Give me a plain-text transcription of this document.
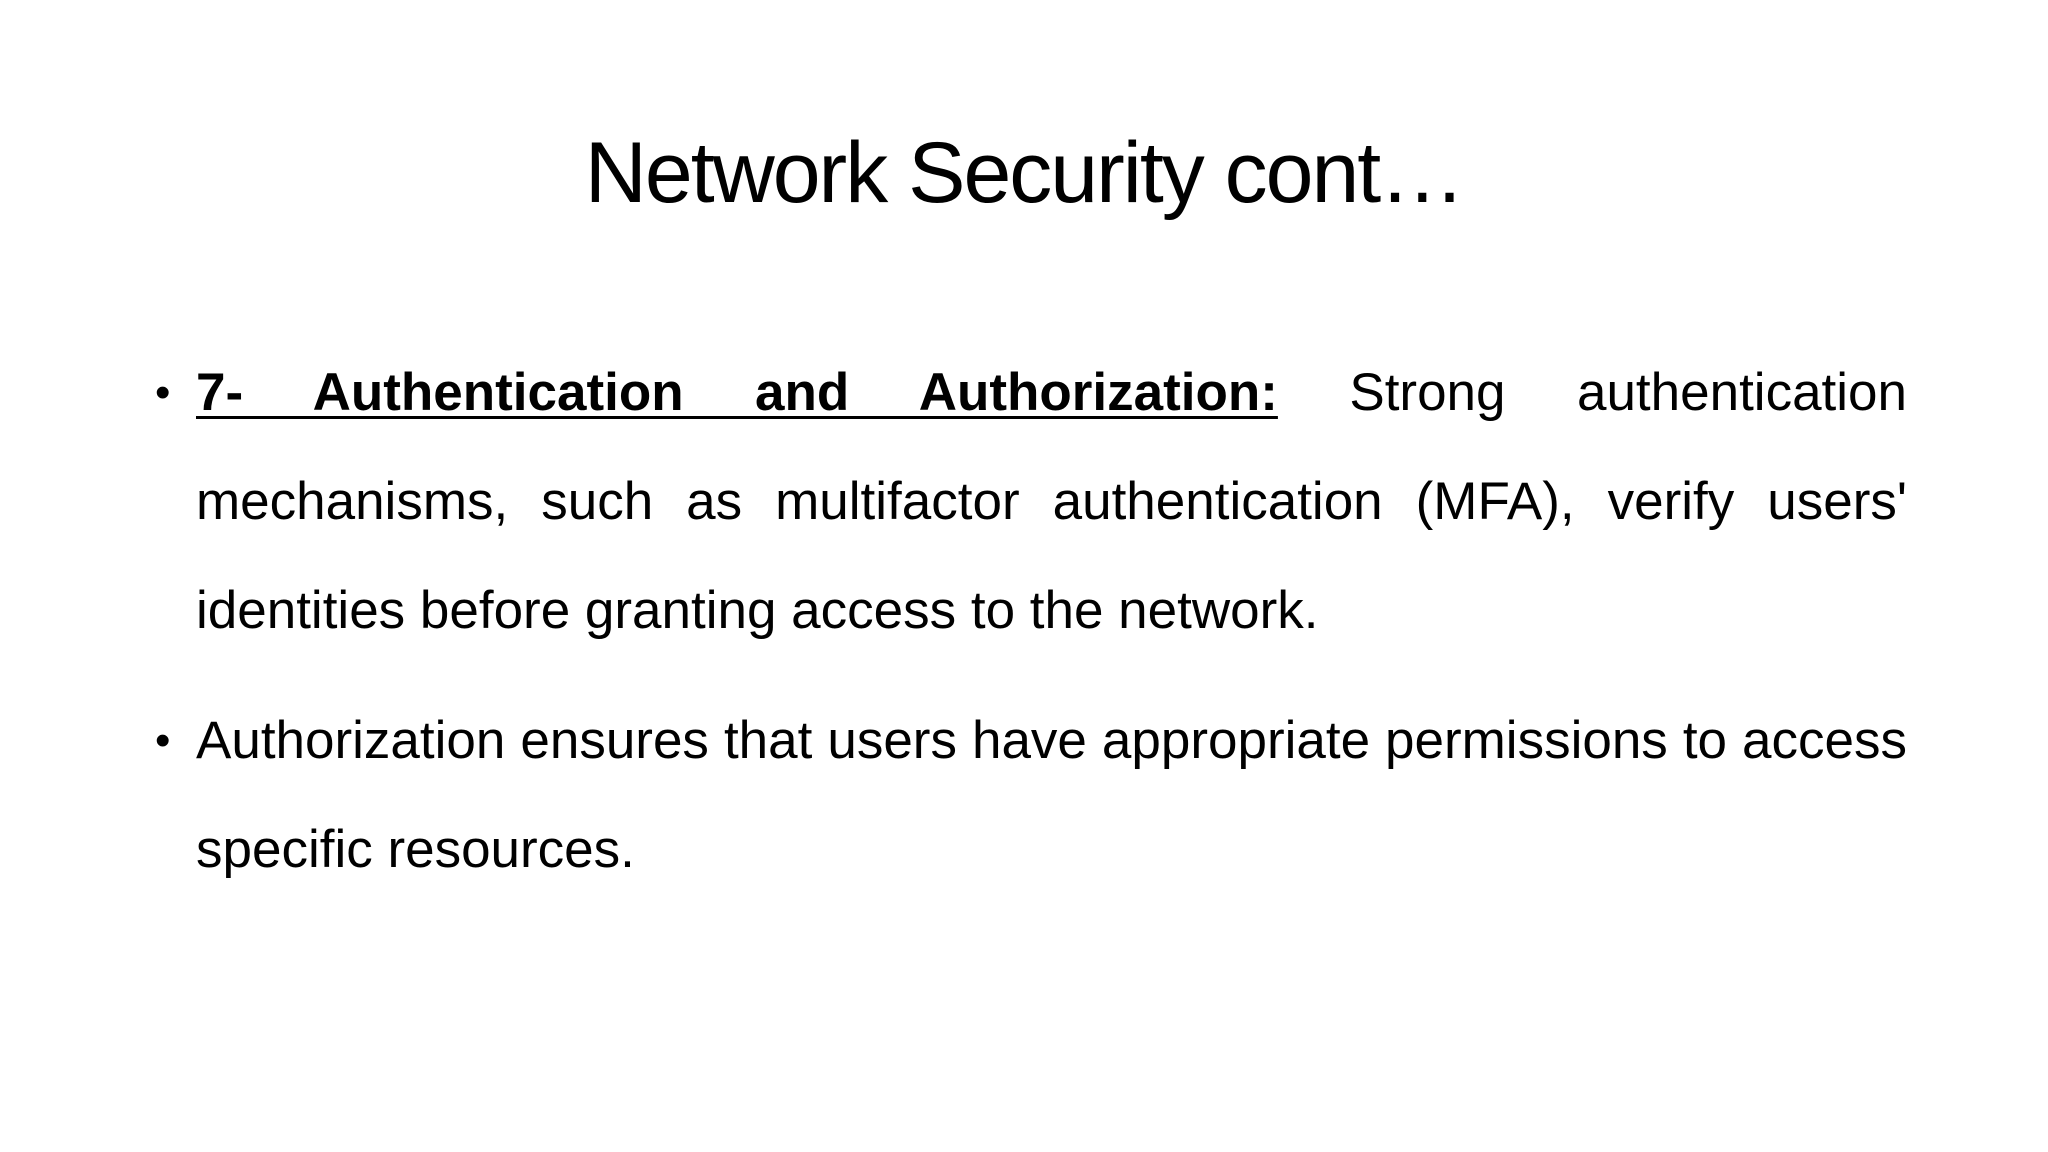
Network Security cont…
• 7- Authentication and Authorization: Strong authentication mechanisms, such as multifactor authentication (MFA), verify users' identities before granting access to the network.
• Authorization ensures that users have appropriate permissions to access specific resources.
